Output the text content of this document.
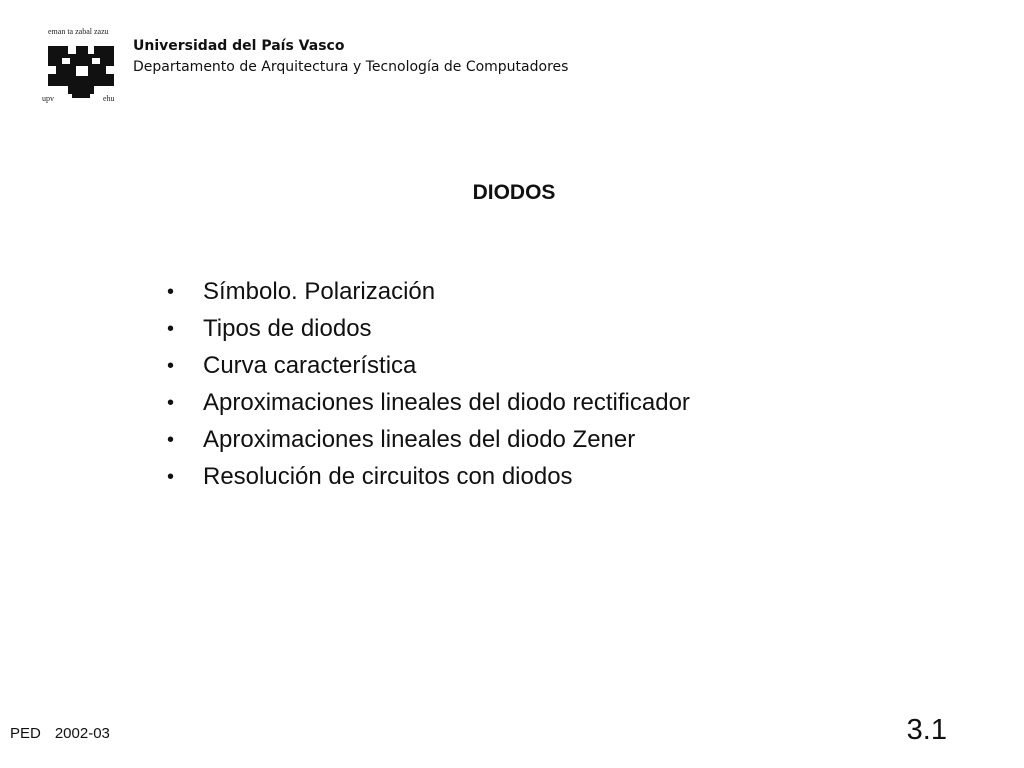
eman ta zabal zazu
upv	ehu
Universidad del País Vasco
Departamento de Arquitectura y Tecnología de Computadores
DIODOS
• Símbolo. Polarización
• Tipos de diodos
• Curva característica
• Aproximaciones lineales del diodo rectificador
• Aproximaciones lineales del diodo Zener
• Resolución de circuitos con diodos
PED 2002-03	3.1
